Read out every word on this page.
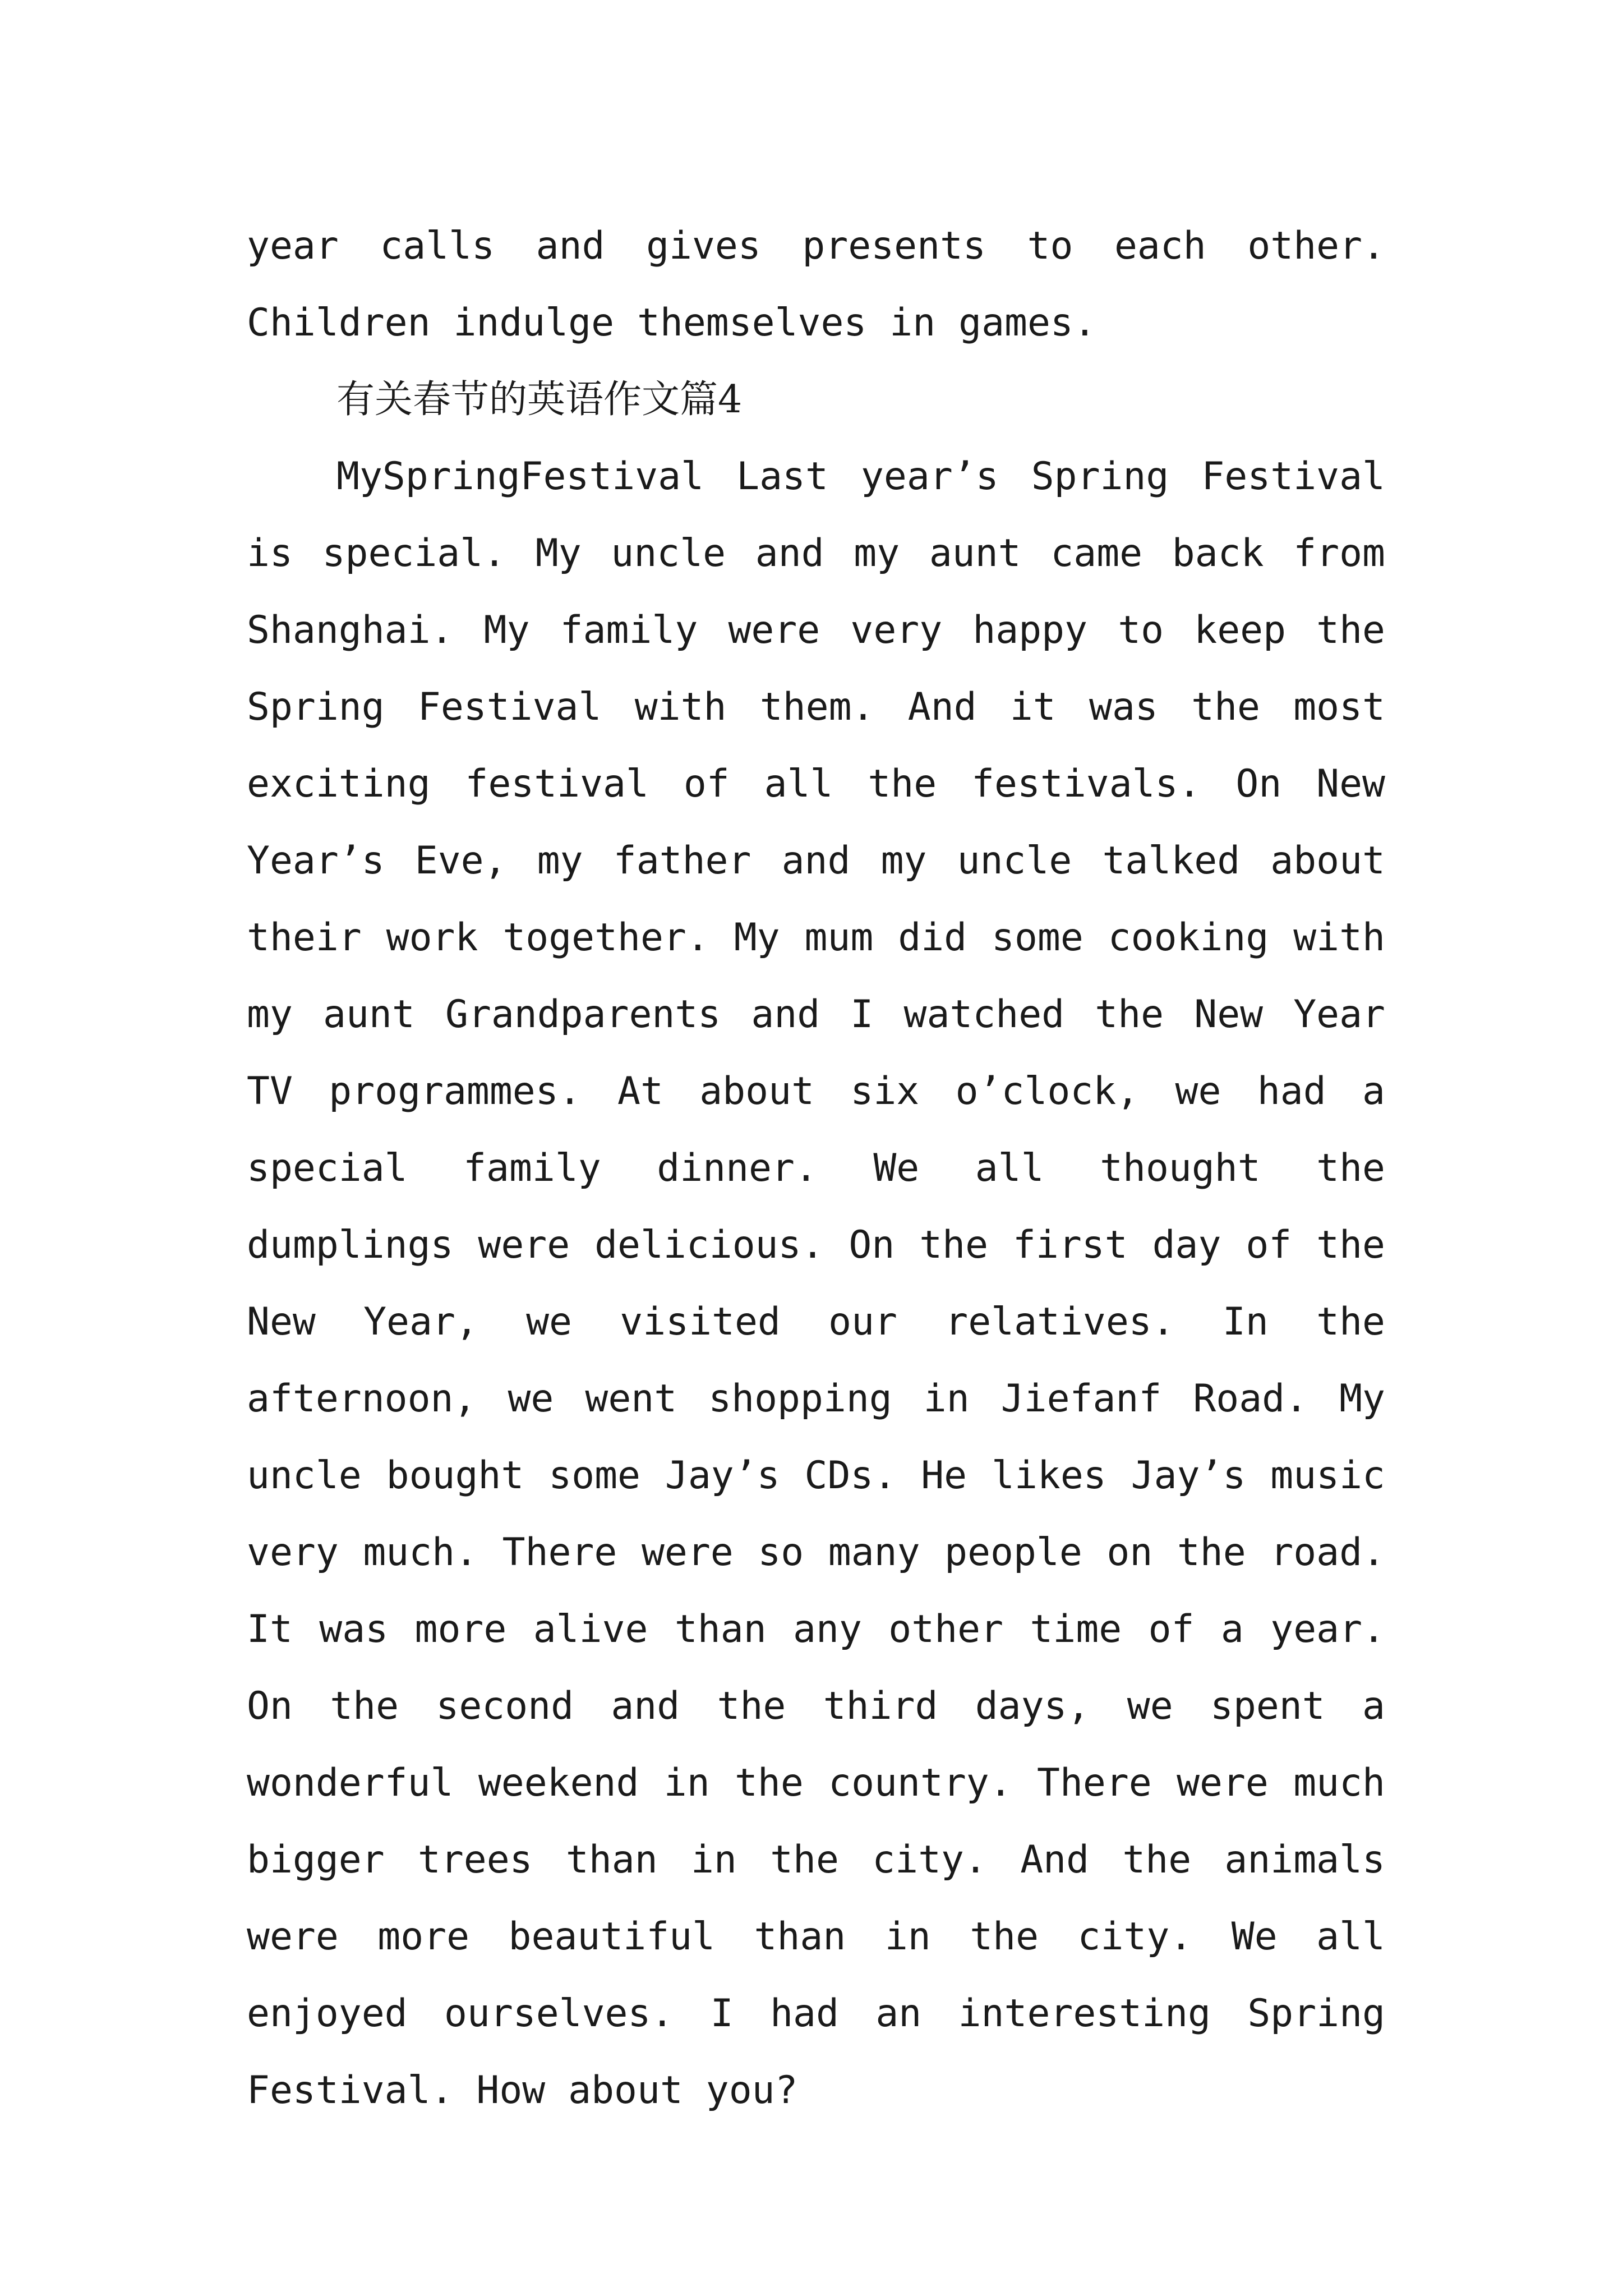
year calls and gives presents to each other. Children indulge themselves in games.

有关春节的英语作文篇4

MySpringFestival Last year’s Spring Festival is special. My uncle and my aunt came back from Shanghai. My family were very happy to keep the Spring Festival with them. And it was the most exciting festival of all the festivals. On New Year’s Eve, my father and my uncle talked about their work together. My mum did some cooking with my aunt Grandparents and I watched the New Year TV programmes. At about six o’clock, we had a special family dinner. We all thought the dumplings were delicious. On the first day of the New Year, we visited our relatives. In the afternoon, we went shopping in Jiefanf Road. My uncle bought some Jay’s CDs. He likes Jay’s music very much. There were so many people on the road. It was more alive than any other time of a year. On the second and the third days, we spent a wonderful weekend in the country. There were much bigger trees than in the city. And the animals were more beautiful than in the city. We all enjoyed ourselves. I had an interesting Spring Festival. How about you?
